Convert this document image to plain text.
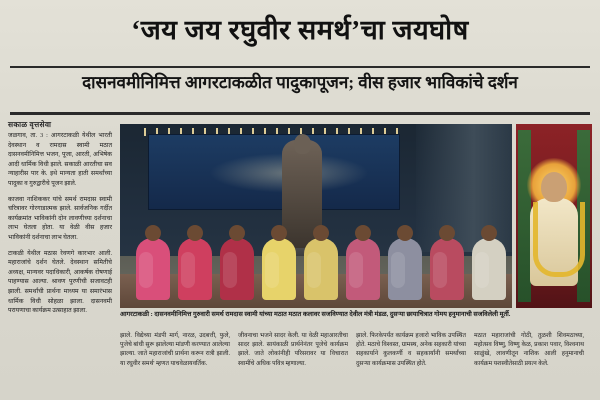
‘जय जय रघुवीर समर्थ’चा जयघोष
दासनवमीनिमित्त आगरटाकळीत पादुकापूजन; वीस हजार भाविकांचे दर्शन
सकाळ वृत्तसेवा

जळगाव, ता. 3 : आगरटाकळी येथील भारती देवस्थान व रामदास स्वामी मठात दासनवमीनिमित्त भजन, पूजा, आरती, अभिषेक आदी धार्मिक विधी झाले. सकाळी आरतीचा सव न्याहारीस पार के. इथे मान्यता हाती समर्थांच्या पादुका व गुरुद्वारीचे पूजन झाले.

काजवा नाशिककर यांचे समर्थ रामदास स्वामी चरित्रावर गोरगाडात्मक झाले. सार्वजनिक गर्दीत कार्यक्रमांत भाविकांनी दोन लावणीच्या दर्शनाचा लाभ घेतला होता. या वेळी वीस हजार भाविकांनी दर्शनाचा लाभ घेतला.

टाकळी येथील मठास रेवणगे कारभार आली. महाराजांचे दर्शन घेतले. देवस्थान समितीचे अध्यक्ष, मान्यवर पदाधिकारी, आकर्षक रोषणाई पाहण्यास आल्या. श्रावण पुरणीची सजावटही झाली. समर्थांची प्रार्थना माध्यम या समारंभास धार्मिक विधी सोहळा झाला. दासनवमी परायणाचा कार्यक्रम उत्साहात झाला.

आगरटाकळी : दासनवमीनिमित्त गुरुवारी समर्थ रामदास स्वामी यांच्या मठात मठात कलावर सजविण्यात देवील मंत्री मंडळ, दुसऱ्या छायाचित्रात गोमय हनुमानाची सजविलेली मूर्ती.

झाले. विद्येच्या मंडपी मार्ग, नारळ, उदबत्ती, फुले, पुजेचे बांधी सुरू झालेल्या मांडणी करण्यात आलेल्या झाल्या. जाते महाराजांची प्रार्थना करून रात्री झाली. या रघुवीर समर्थ' म्हणत याचवेळायवर्तिक.

जीवनाचा भजने सादर केली. या वेळी महाआरतीचा सादर झाले. सायंकाळी प्रार्थनेनंतर पूजेचे कार्यक्रम झाले. जाते लोकांनीही परिसरावर या विचारात स्वामींचे अधिक पवित्र म्हणाल्या.

झाले. फिरकेपर्यंत कार्यक्रम हजारो भाविक उपस्थित होते. मठाचे विश्वस्त, ग्रामस्थ, अनेक सहकारी यांच्या सहकार्याने कुलकर्णी व सहकार्यांनी समर्थांच्या दुसऱ्या कार्यक्रमास उपस्थित होते.

मठात महाराजांची गोठी, तुळशी शिवमठाच्या, महोत्सव विष्णु, विष्णु केळ, प्रकाश पवार, विश्वनाथ साळुंखे, लावणीतून नाशिक आली हनुमानाची कार्यक्रम यशस्वीतेसाठी प्रयत्न केले.
